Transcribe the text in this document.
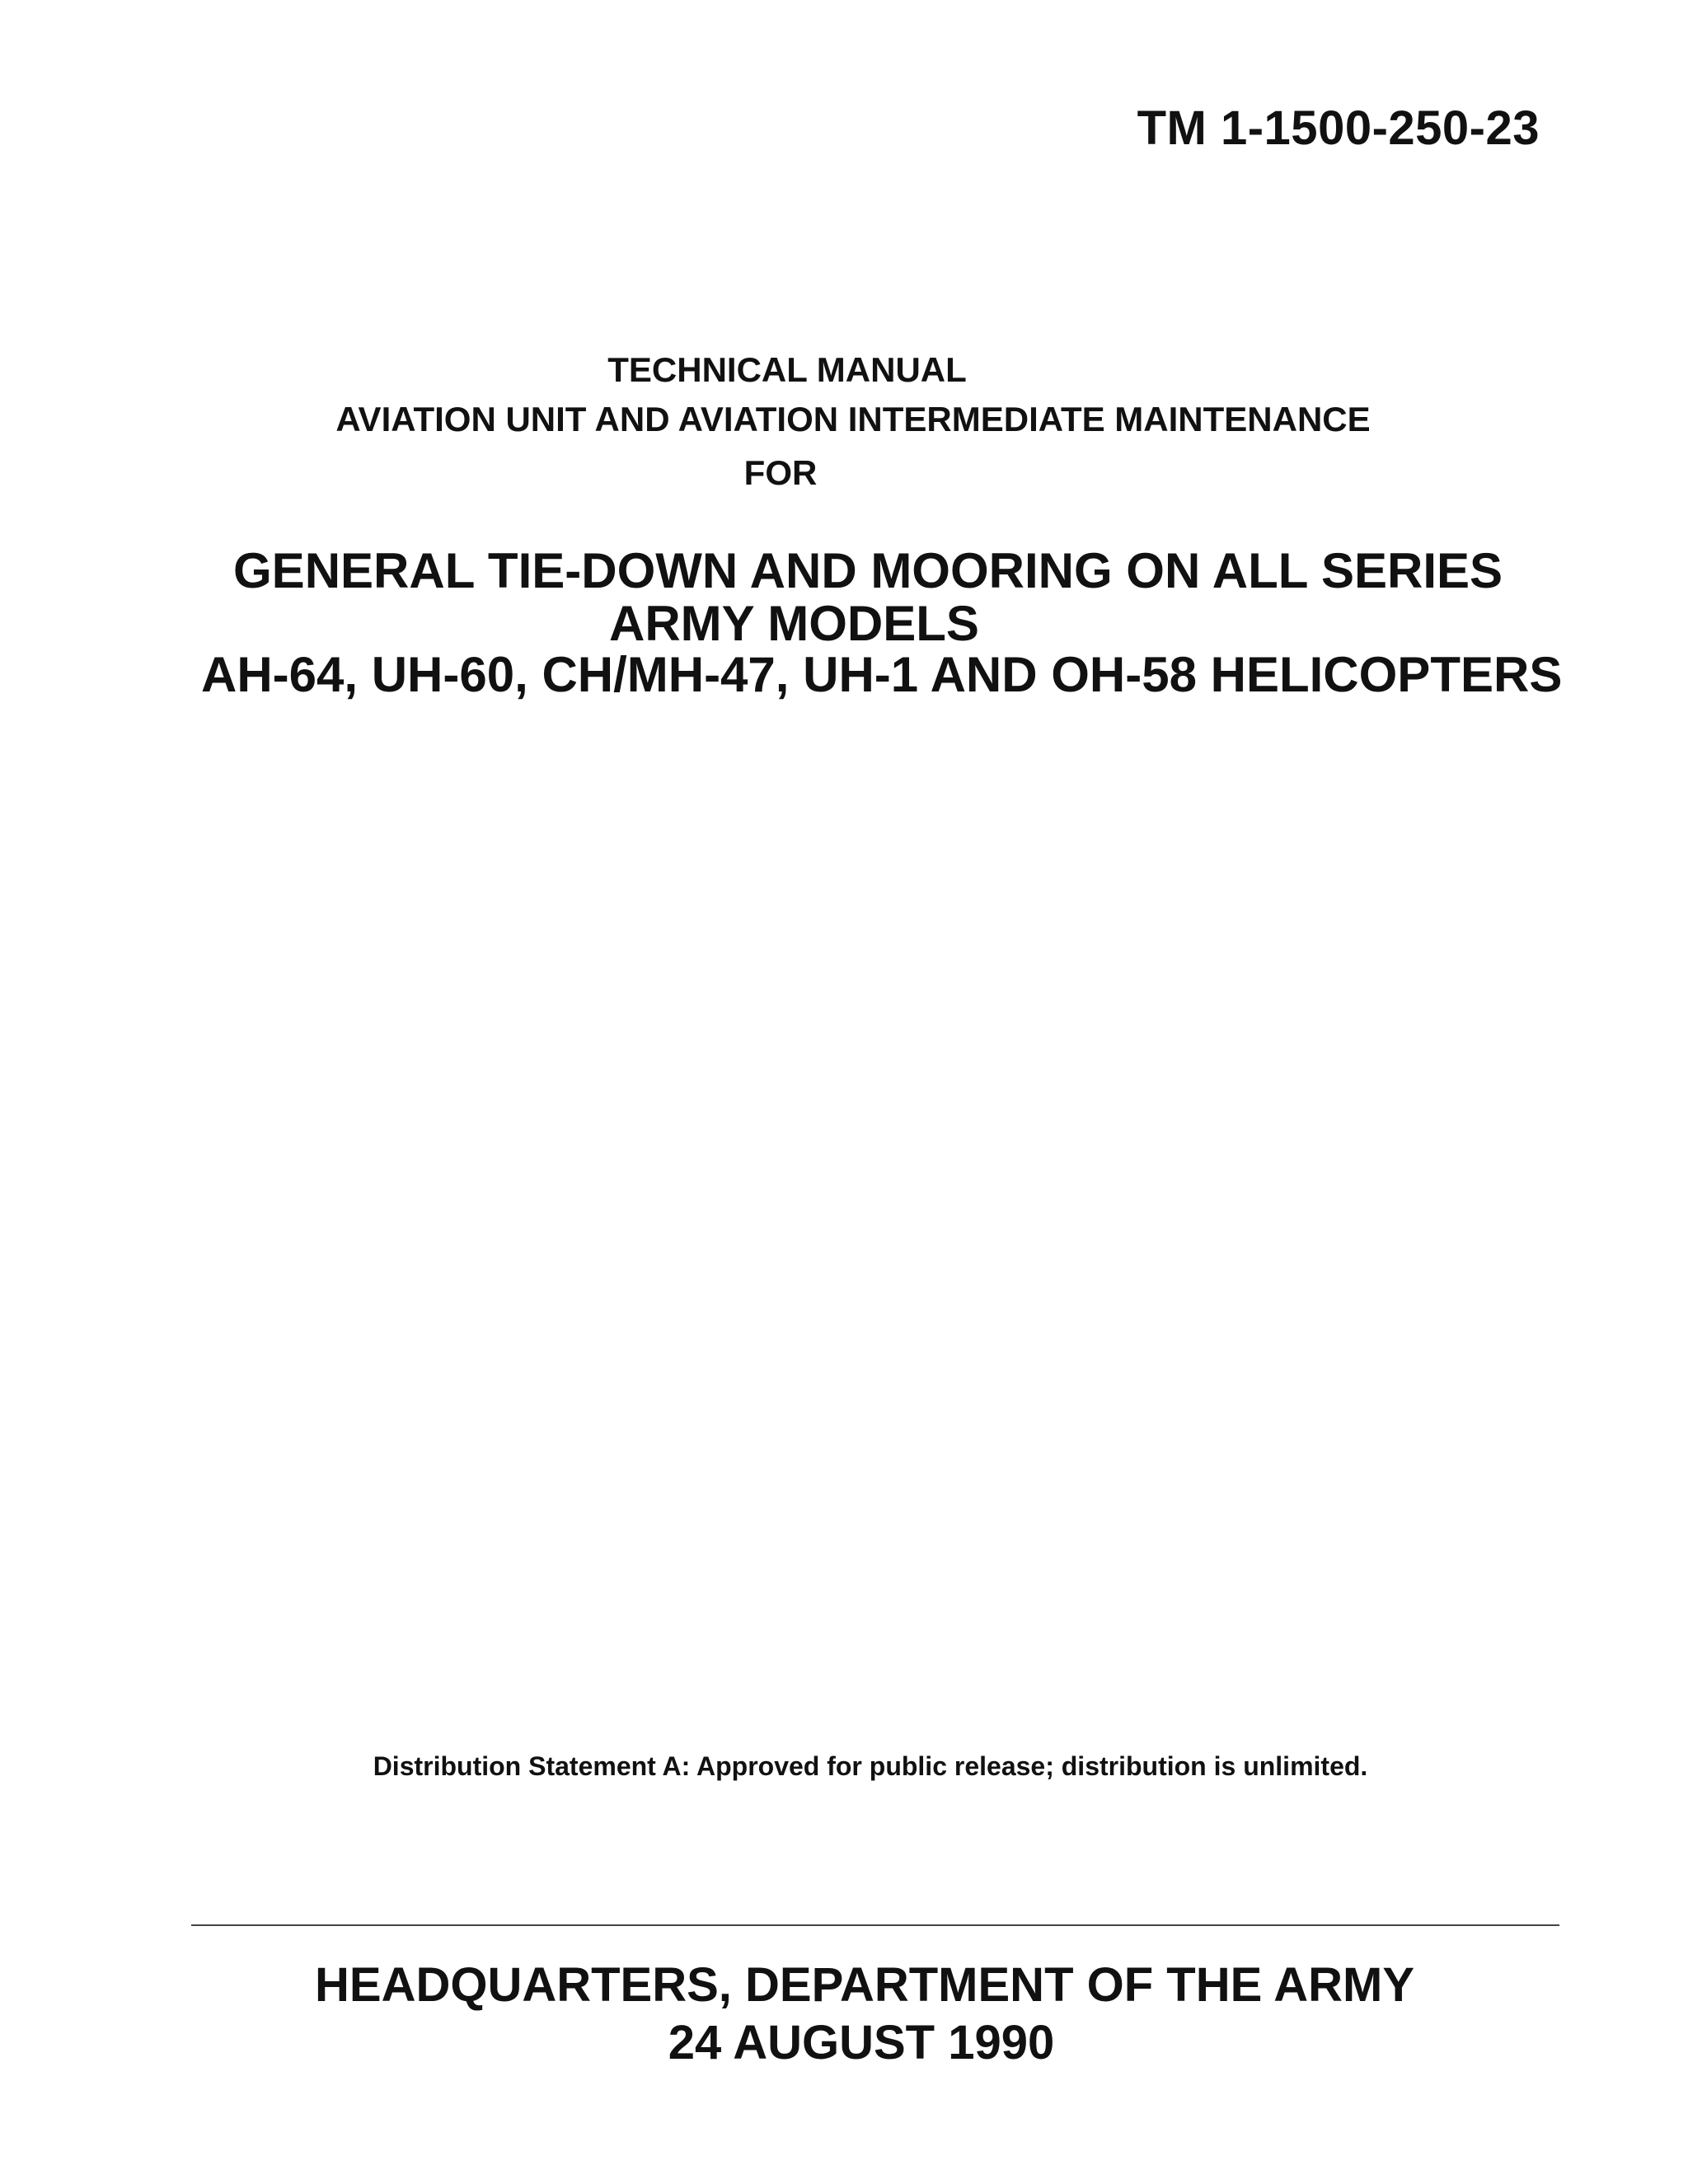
TM 1-1500-250-23
TECHNICAL MANUAL
AVIATION UNIT AND AVIATION INTERMEDIATE MAINTENANCE
FOR
GENERAL TIE-DOWN AND MOORING ON ALL SERIES
ARMY MODELS
AH-64, UH-60, CH/MH-47, UH-1 AND OH-58 HELICOPTERS
Distribution Statement A: Approved for public release; distribution is unlimited.
HEADQUARTERS, DEPARTMENT OF THE ARMY
24 AUGUST 1990
